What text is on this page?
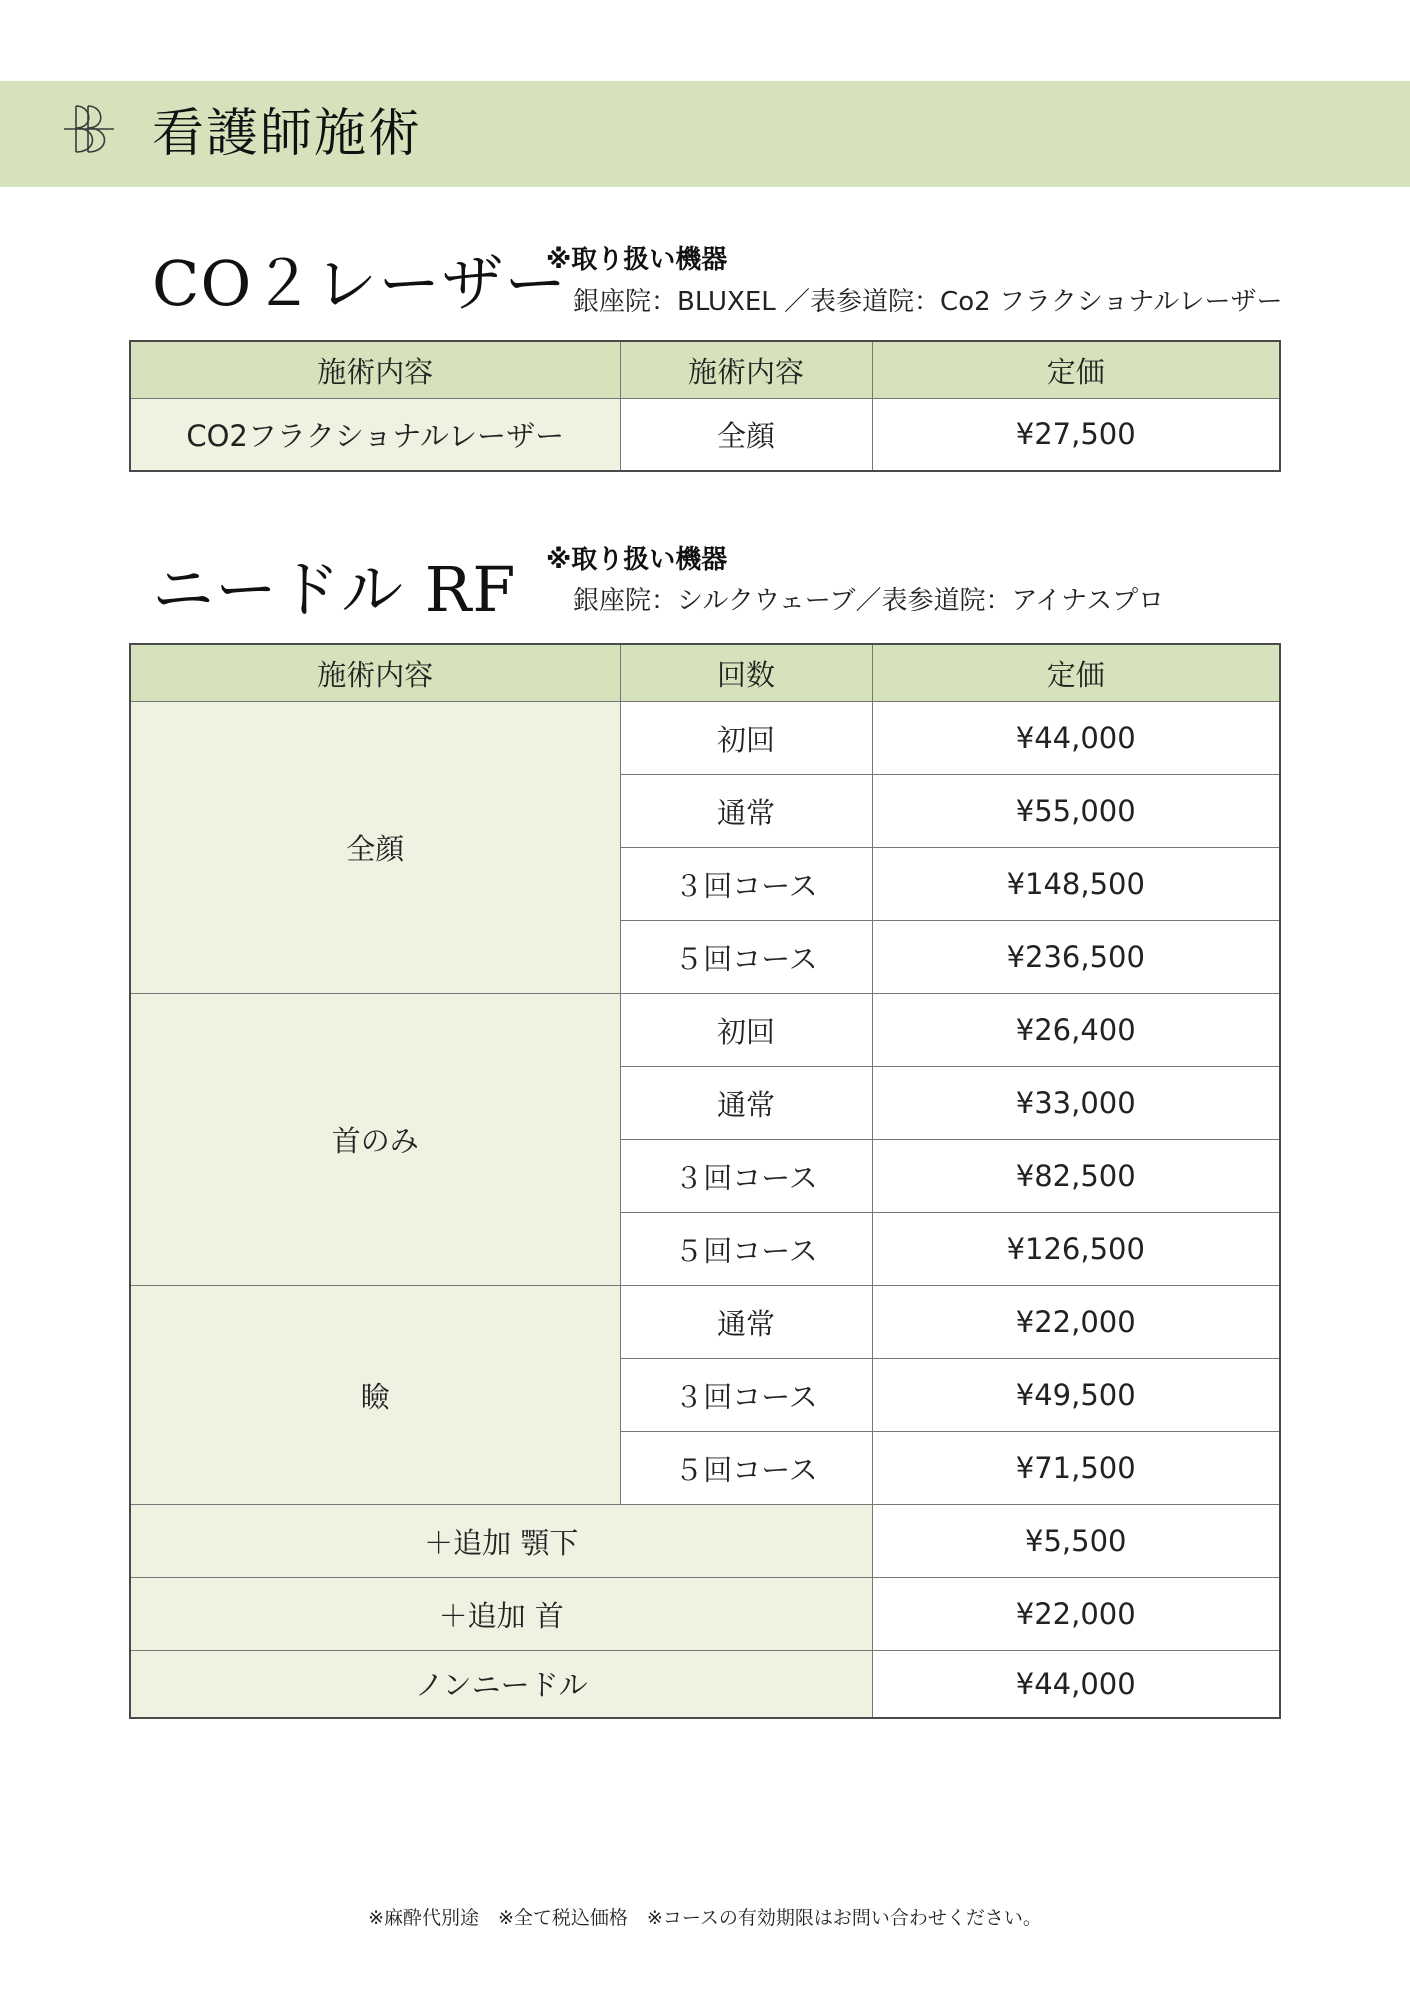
看護師施術
CO２レーザー
※取り扱い機器
銀座院：BLUXEL ／表参道院：Co2 フラクショナルレーザー
施術内容	施術内容	定価
CO2フラクショナルレーザー	全顔	¥27,500
ニードル RF ※取り扱い機器
銀座院：シルクウェーブ／表参道院：アイナスプロ
施術内容	回数	定価
全顔	初回	¥44,000
	通常	¥55,000
	３回コース	¥148,500
	５回コース	¥236,500
首のみ	初回	¥26,400
	通常	¥33,000
	３回コース	¥82,500
	５回コース	¥126,500
瞼	通常	¥22,000
	３回コース	¥49,500
	５回コース	¥71,500
＋追加 顎下		¥5,500
＋追加 首		¥22,000
ノンニードル		¥44,000
※麻酔代別途　※全て税込価格　※コースの有効期限はお問い合わせください。
